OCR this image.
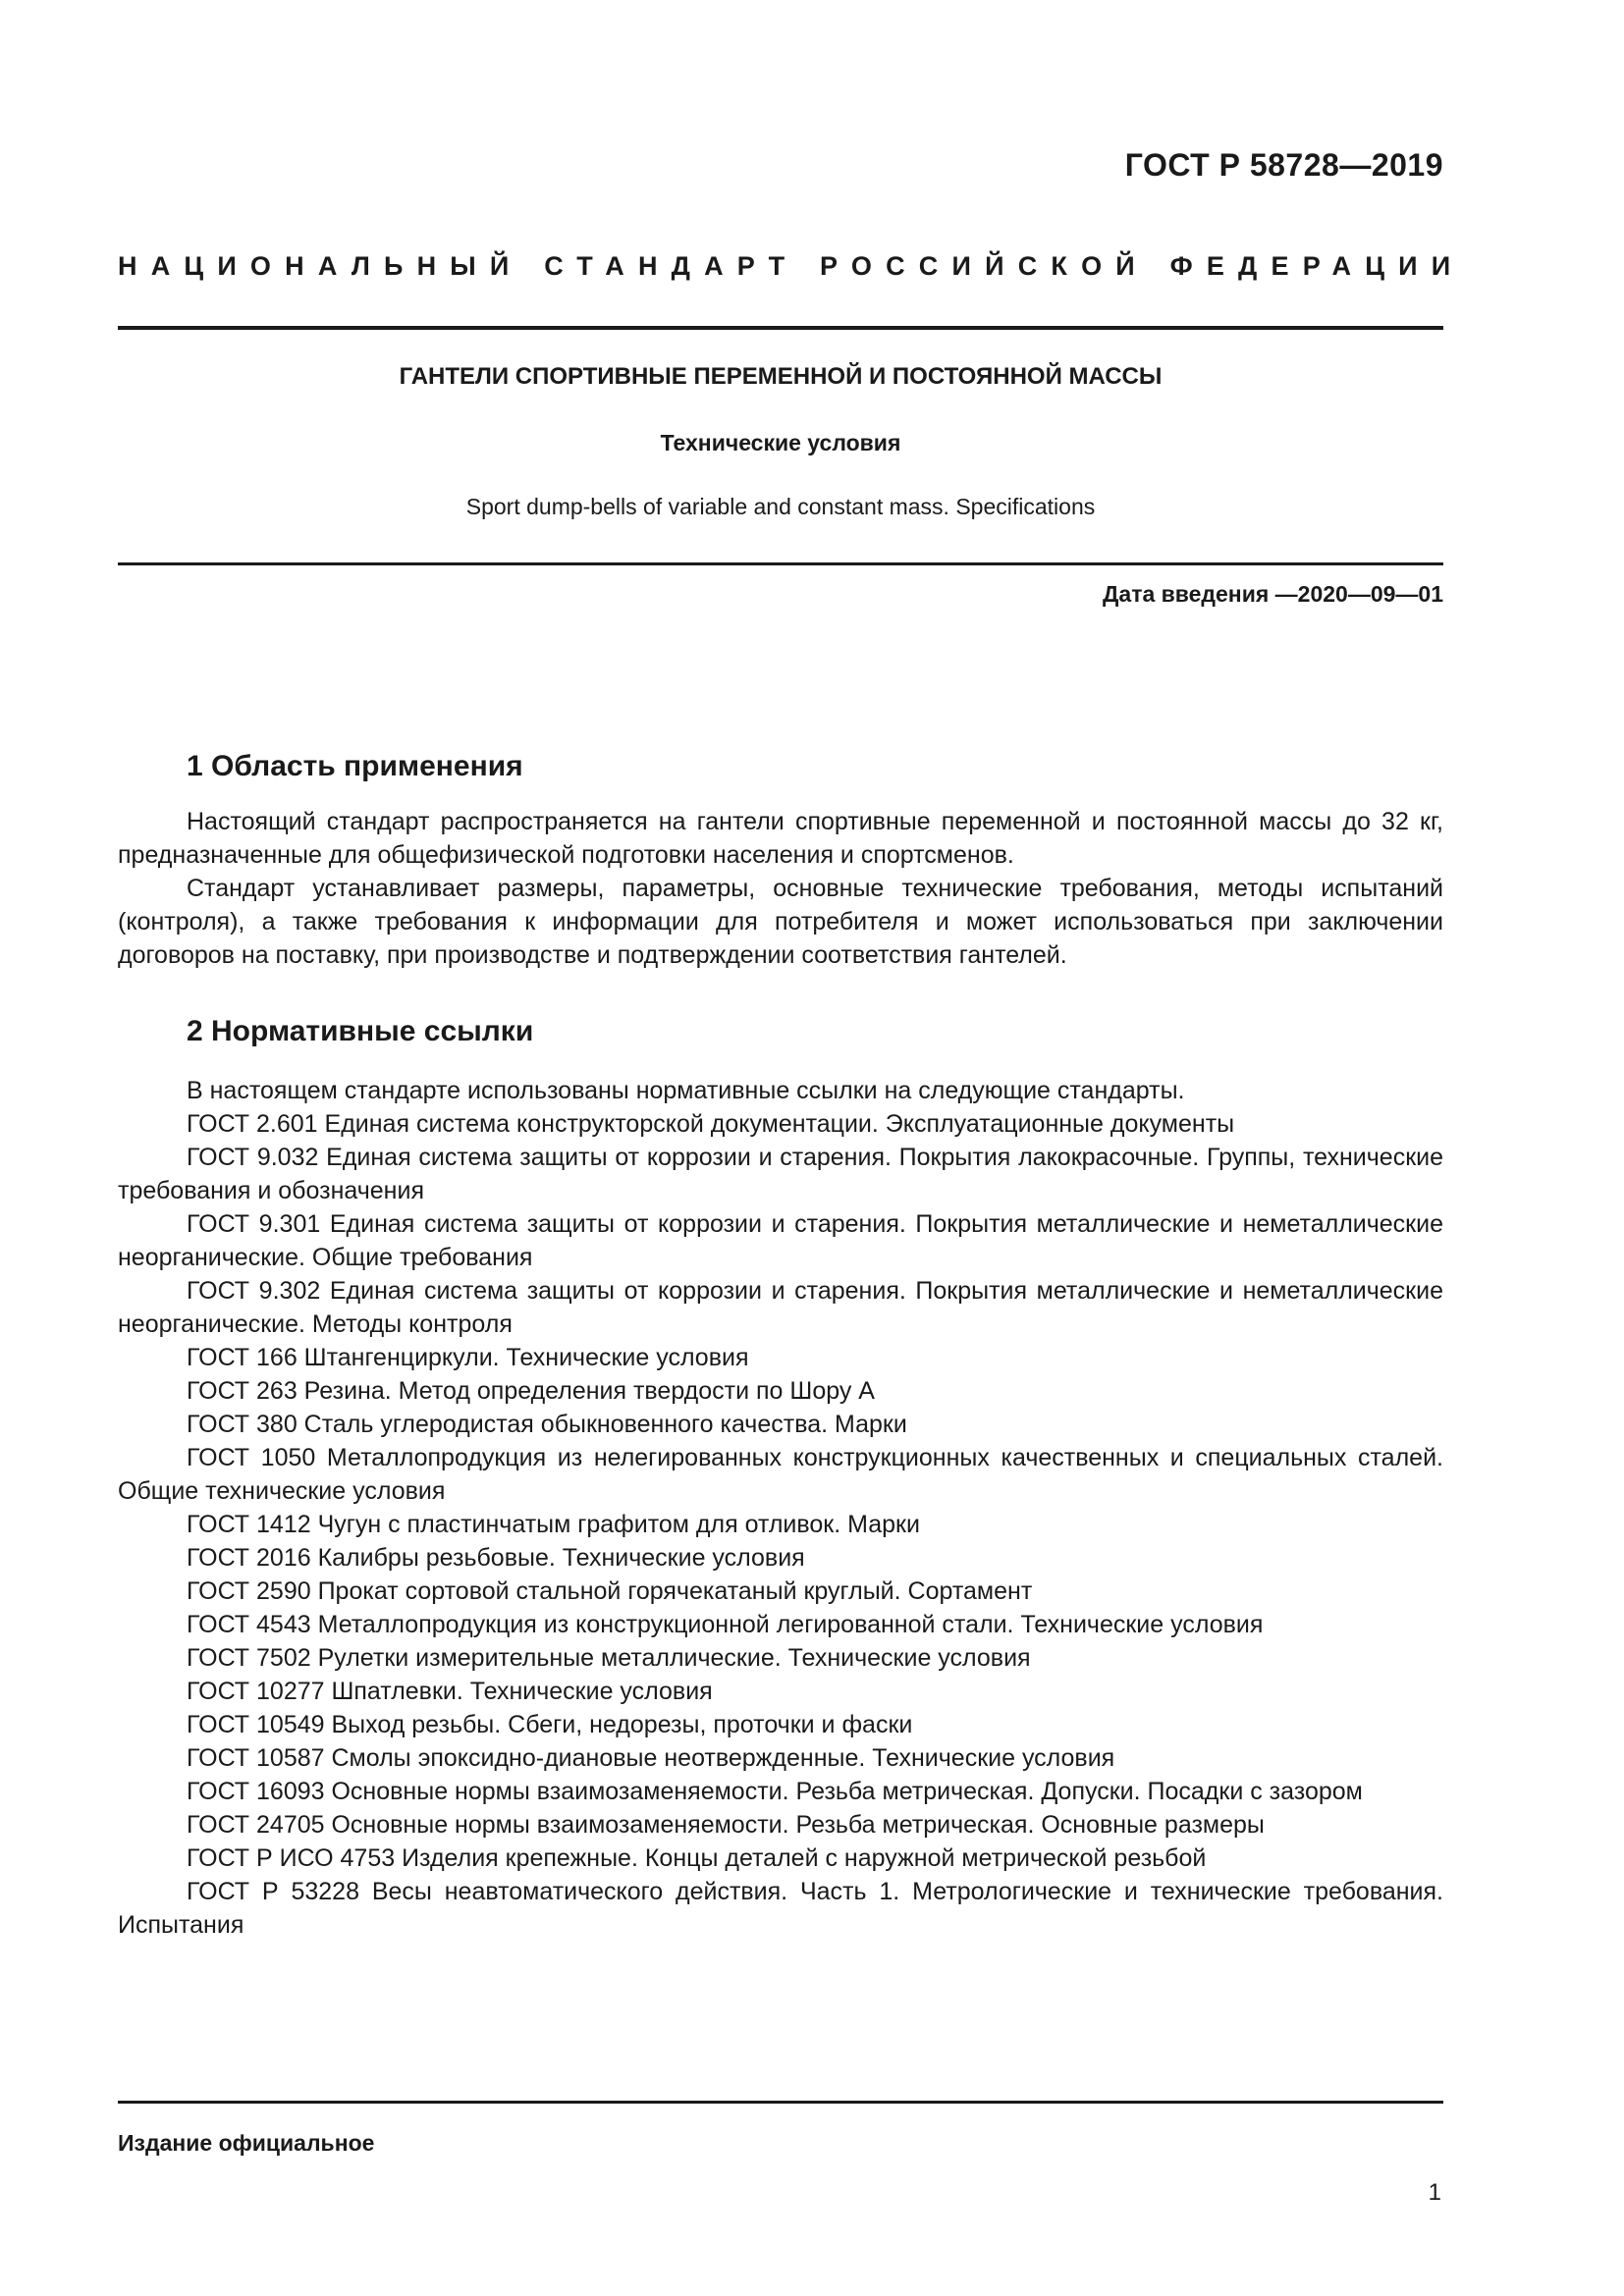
ГОСТ Р 58728—2019
НАЦИОНАЛЬНЫЙ СТАНДАРТ РОССИЙСКОЙ ФЕДЕРАЦИИ
ГАНТЕЛИ СПОРТИВНЫЕ ПЕРЕМЕННОЙ И ПОСТОЯННОЙ МАССЫ
Технические условия
Sport dump-bells of variable and constant mass. Specifications
Дата введения —2020—09—01
1 Область применения

Настоящий стандарт распространяется на гантели спортивные переменной и постоянной массы до 32 кг, предназначенные для общефизической подготовки населения и спортсменов.

Стандарт устанавливает размеры, параметры, основные технические требования, методы испытаний (контроля), а также требования к информации для потребителя и может использоваться при заключении договоров на поставку, при производстве и подтверждении соответствия гантелей.

2 Нормативные ссылки

В настоящем стандарте использованы нормативные ссылки на следующие стандарты.

ГОСТ 2.601 Единая система конструкторской документации. Эксплуатационные документы

ГОСТ 9.032 Единая система защиты от коррозии и старения. Покрытия лакокрасочные. Группы, технические требования и обозначения

ГОСТ 9.301 Единая система защиты от коррозии и старения. Покрытия металлические и неметаллические неорганические. Общие требования

ГОСТ 9.302 Единая система защиты от коррозии и старения. Покрытия металлические и неметаллические неорганические. Методы контроля

ГОСТ 166 Штангенциркули. Технические условия

ГОСТ 263 Резина. Метод определения твердости по Шору А

ГОСТ 380 Сталь углеродистая обыкновенного качества. Марки

ГОСТ 1050 Металлопродукция из нелегированных конструкционных качественных и специальных сталей. Общие технические условия

ГОСТ 1412 Чугун с пластинчатым графитом для отливок. Марки

ГОСТ 2016 Калибры резьбовые. Технические условия

ГОСТ 2590 Прокат сортовой стальной горячекатаный круглый. Сортамент

ГОСТ 4543 Металлопродукция из конструкционной легированной стали. Технические условия

ГОСТ 7502 Рулетки измерительные металлические. Технические условия

ГОСТ 10277 Шпатлевки. Технические условия

ГОСТ 10549 Выход резьбы. Сбеги, недорезы, проточки и фаски

ГОСТ 10587 Смолы эпоксидно-диановые неотвержденные. Технические условия

ГОСТ 16093 Основные нормы взаимозаменяемости. Резьба метрическая. Допуски. Посадки с зазором

ГОСТ 24705 Основные нормы взаимозаменяемости. Резьба метрическая. Основные размеры

ГОСТ Р ИСО 4753 Изделия крепежные. Концы деталей с наружной метрической резьбой

ГОСТ Р 53228 Весы неавтоматического действия. Часть 1. Метрологические и технические требования. Испытания

Издание официальное
1
